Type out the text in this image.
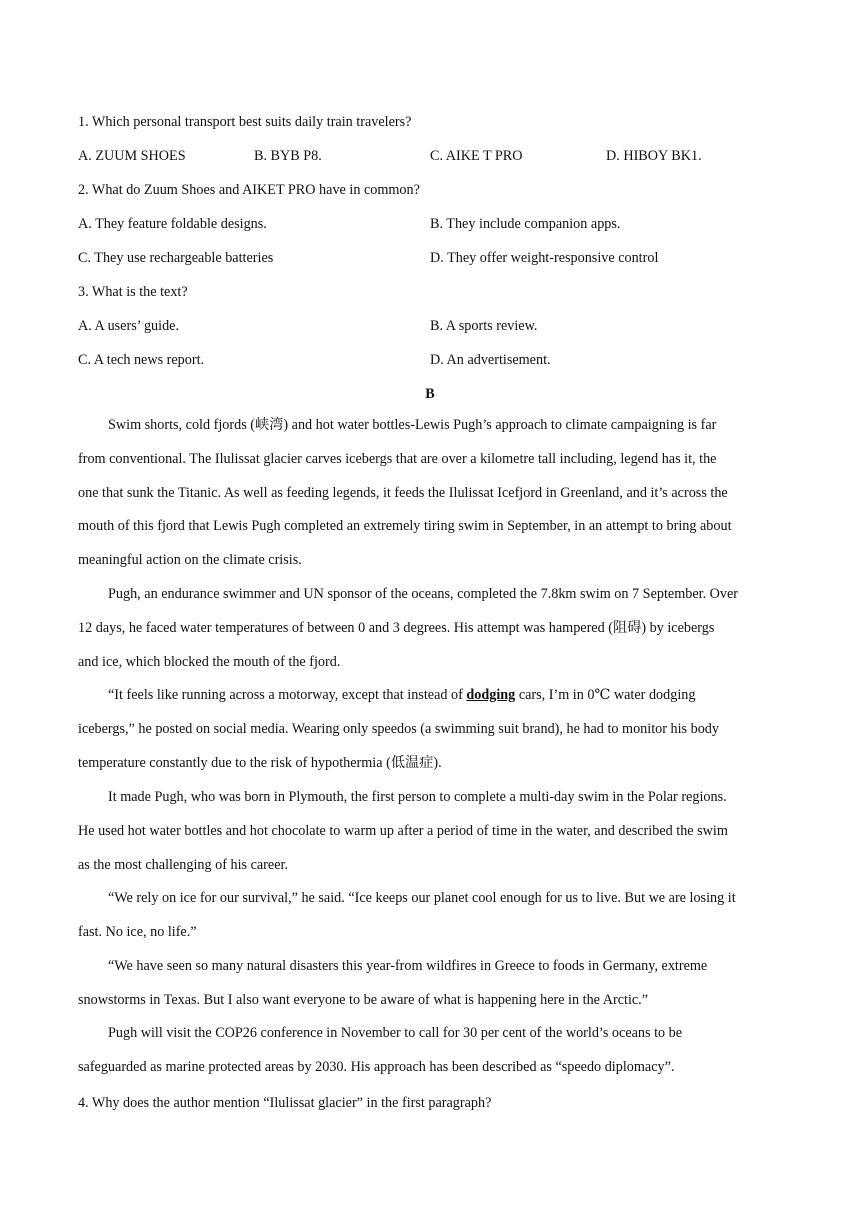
1. Which personal transport best suits daily train travelers?
A. ZUUM SHOES	B. BYB P8.	C. AIKE T PRO	D. HIBOY BK1.
2. What do Zuum Shoes and AIKET PRO have in common?
A. They feature foldable designs.	B. They include companion apps.
C. They use rechargeable batteries	D. They offer weight-responsive control
3. What is the text?
A. A users’ guide.	B. A sports review.
C. A tech news report.	D. An advertisement.
B
Swim shorts, cold fjords (峡湾) and hot water bottles-Lewis Pugh’s approach to climate campaigning is far
from conventional. The Ilulissat glacier carves icebergs that are over a kilometre tall including, legend has it, the
one that sunk the Titanic. As well as feeding legends, it feeds the Ilulissat Icefjord in Greenland, and it’s across the
mouth of this fjord that Lewis Pugh completed an extremely tiring swim in September, in an attempt to bring about
meaningful action on the climate crisis.
Pugh, an endurance swimmer and UN sponsor of the oceans, completed the 7.8km swim on 7 September. Over
12 days, he faced water temperatures of between 0 and 3 degrees. His attempt was hampered (阻碍) by icebergs
and ice, which blocked the mouth of the fjord.
“It feels like running across a motorway, except that instead of dodging cars, I’m in 0℃ water dodging
icebergs,” he posted on social media. Wearing only speedos (a swimming suit brand), he had to monitor his body
temperature constantly due to the risk of hypothermia (低温症).
It made Pugh, who was born in Plymouth, the first person to complete a multi-day swim in the Polar regions.
He used hot water bottles and hot chocolate to warm up after a period of time in the water, and described the swim
as the most challenging of his career.
“We rely on ice for our survival,” he said. “Ice keeps our planet cool enough for us to live. But we are losing it
fast. No ice, no life.”
“We have seen so many natural disasters this year-from wildfires in Greece to foods in Germany, extreme
snowstorms in Texas. But I also want everyone to be aware of what is happening here in the Arctic.”
Pugh will visit the COP26 conference in November to call for 30 per cent of the world’s oceans to be
safeguarded as marine protected areas by 2030. His approach has been described as “speedo diplomacy”.
4. Why does the author mention “Ilulissat glacier” in the first paragraph?
